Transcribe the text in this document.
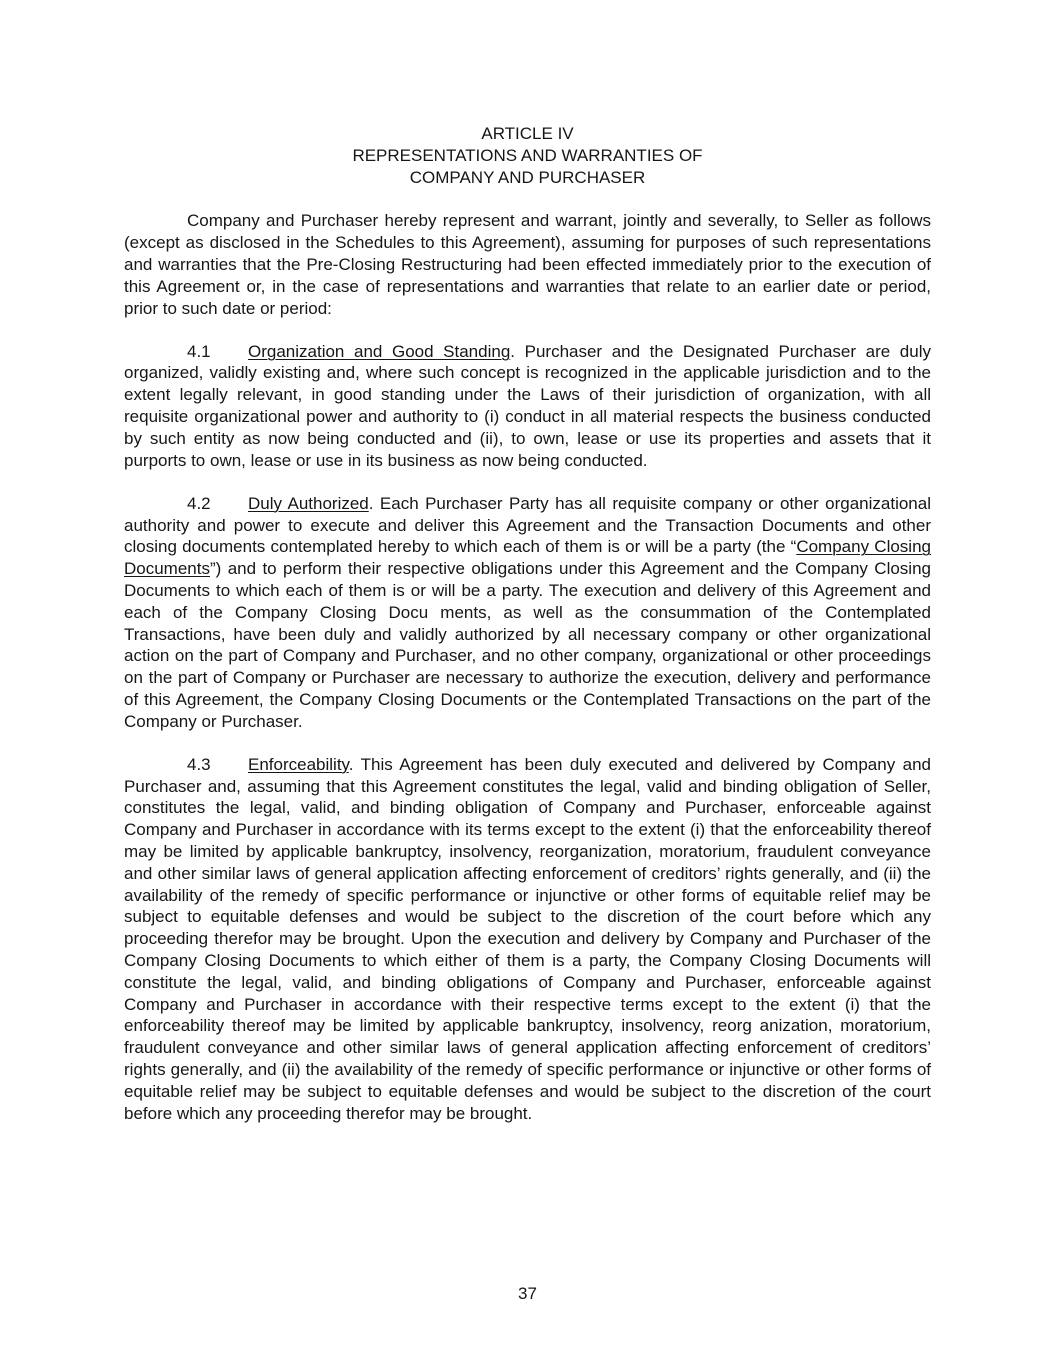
ARTICLE IV
REPRESENTATIONS AND WARRANTIES OF
COMPANY AND PURCHASER

Company and Purchaser hereby represent and warrant, jointly and severally, to Seller as follows (except as disclosed in the Schedules to this Agreement), assuming for purposes of such representations and warranties that the Pre-Closing Restructuring had been effected immediately prior to the execution of this Agreement or, in the case of representations and warranties that relate to an earlier date or period, prior to such date or period:

4.1 Organization and Good Standing. Purchaser and the Designated Purchaser are duly organized, validly existing and, where such concept is recognized in the applicable jurisdiction and to the extent legally relevant, in good standing under the Laws of their jurisdiction of organization, with all requisite organizational power and authority to (i) conduct in all material respects the business conducted by such entity as now being conducted and (ii), to own, lease or use its properties and assets that it purports to own, lease or use in its business as now being conducted.

4.2 Duly Authorized. Each Purchaser Party has all requisite company or other organizational authority and power to execute and deliver this Agreement and the Transaction Documents and other closing documents contemplated hereby to which each of them is or will be a party (the “Company Closing Documents”) and to perform their respective obligations under this Agreement and the Company Closing Documents to which each of them is or will be a party. The execution and delivery of this Agreement and each of the Company Closing Docu ments, as well as the consummation of the Contemplated Transactions, have been duly and validly authorized by all necessary company or other organizational action on the part of Company and Purchaser, and no other company, organizational or other proceedings on the part of Company or Purchaser are necessary to authorize the execution, delivery and performance of this Agreement, the Company Closing Documents or the Contemplated Transactions on the part of the Company or Purchaser.

4.3 Enforceability. This Agreement has been duly executed and delivered by Company and Purchaser and, assuming that this Agreement constitutes the legal, valid and binding obligation of Seller, constitutes the legal, valid, and binding obligation of Company and Purchaser, enforceable against Company and Purchaser in accordance with its terms except to the extent (i) that the enforceability thereof may be limited by applicable bankruptcy, insolvency, reorganization, moratorium, fraudulent conveyance and other similar laws of general application affecting enforcement of creditors’ rights generally, and (ii) the availability of the remedy of specific performance or injunctive or other forms of equitable relief may be subject to equitable defenses and would be subject to the discretion of the court before which any proceeding therefor may be brought. Upon the execution and delivery by Company and Purchaser of the Company Closing Documents to which either of them is a party, the Company Closing Documents will constitute the legal, valid, and binding obligations of Company and Purchaser, enforceable against Company and Purchaser in accordance with their respective terms except to the extent (i) that the enforceability thereof may be limited by applicable bankruptcy, insolvency, reorg anization, moratorium, fraudulent conveyance and other similar laws of general application affecting enforcement of creditors’ rights generally, and (ii) the availability of the remedy of specific performance or injunctive or other forms of equitable relief may be subject to equitable defenses and would be subject to the discretion of the court before which any proceeding therefor may be brought.

37
